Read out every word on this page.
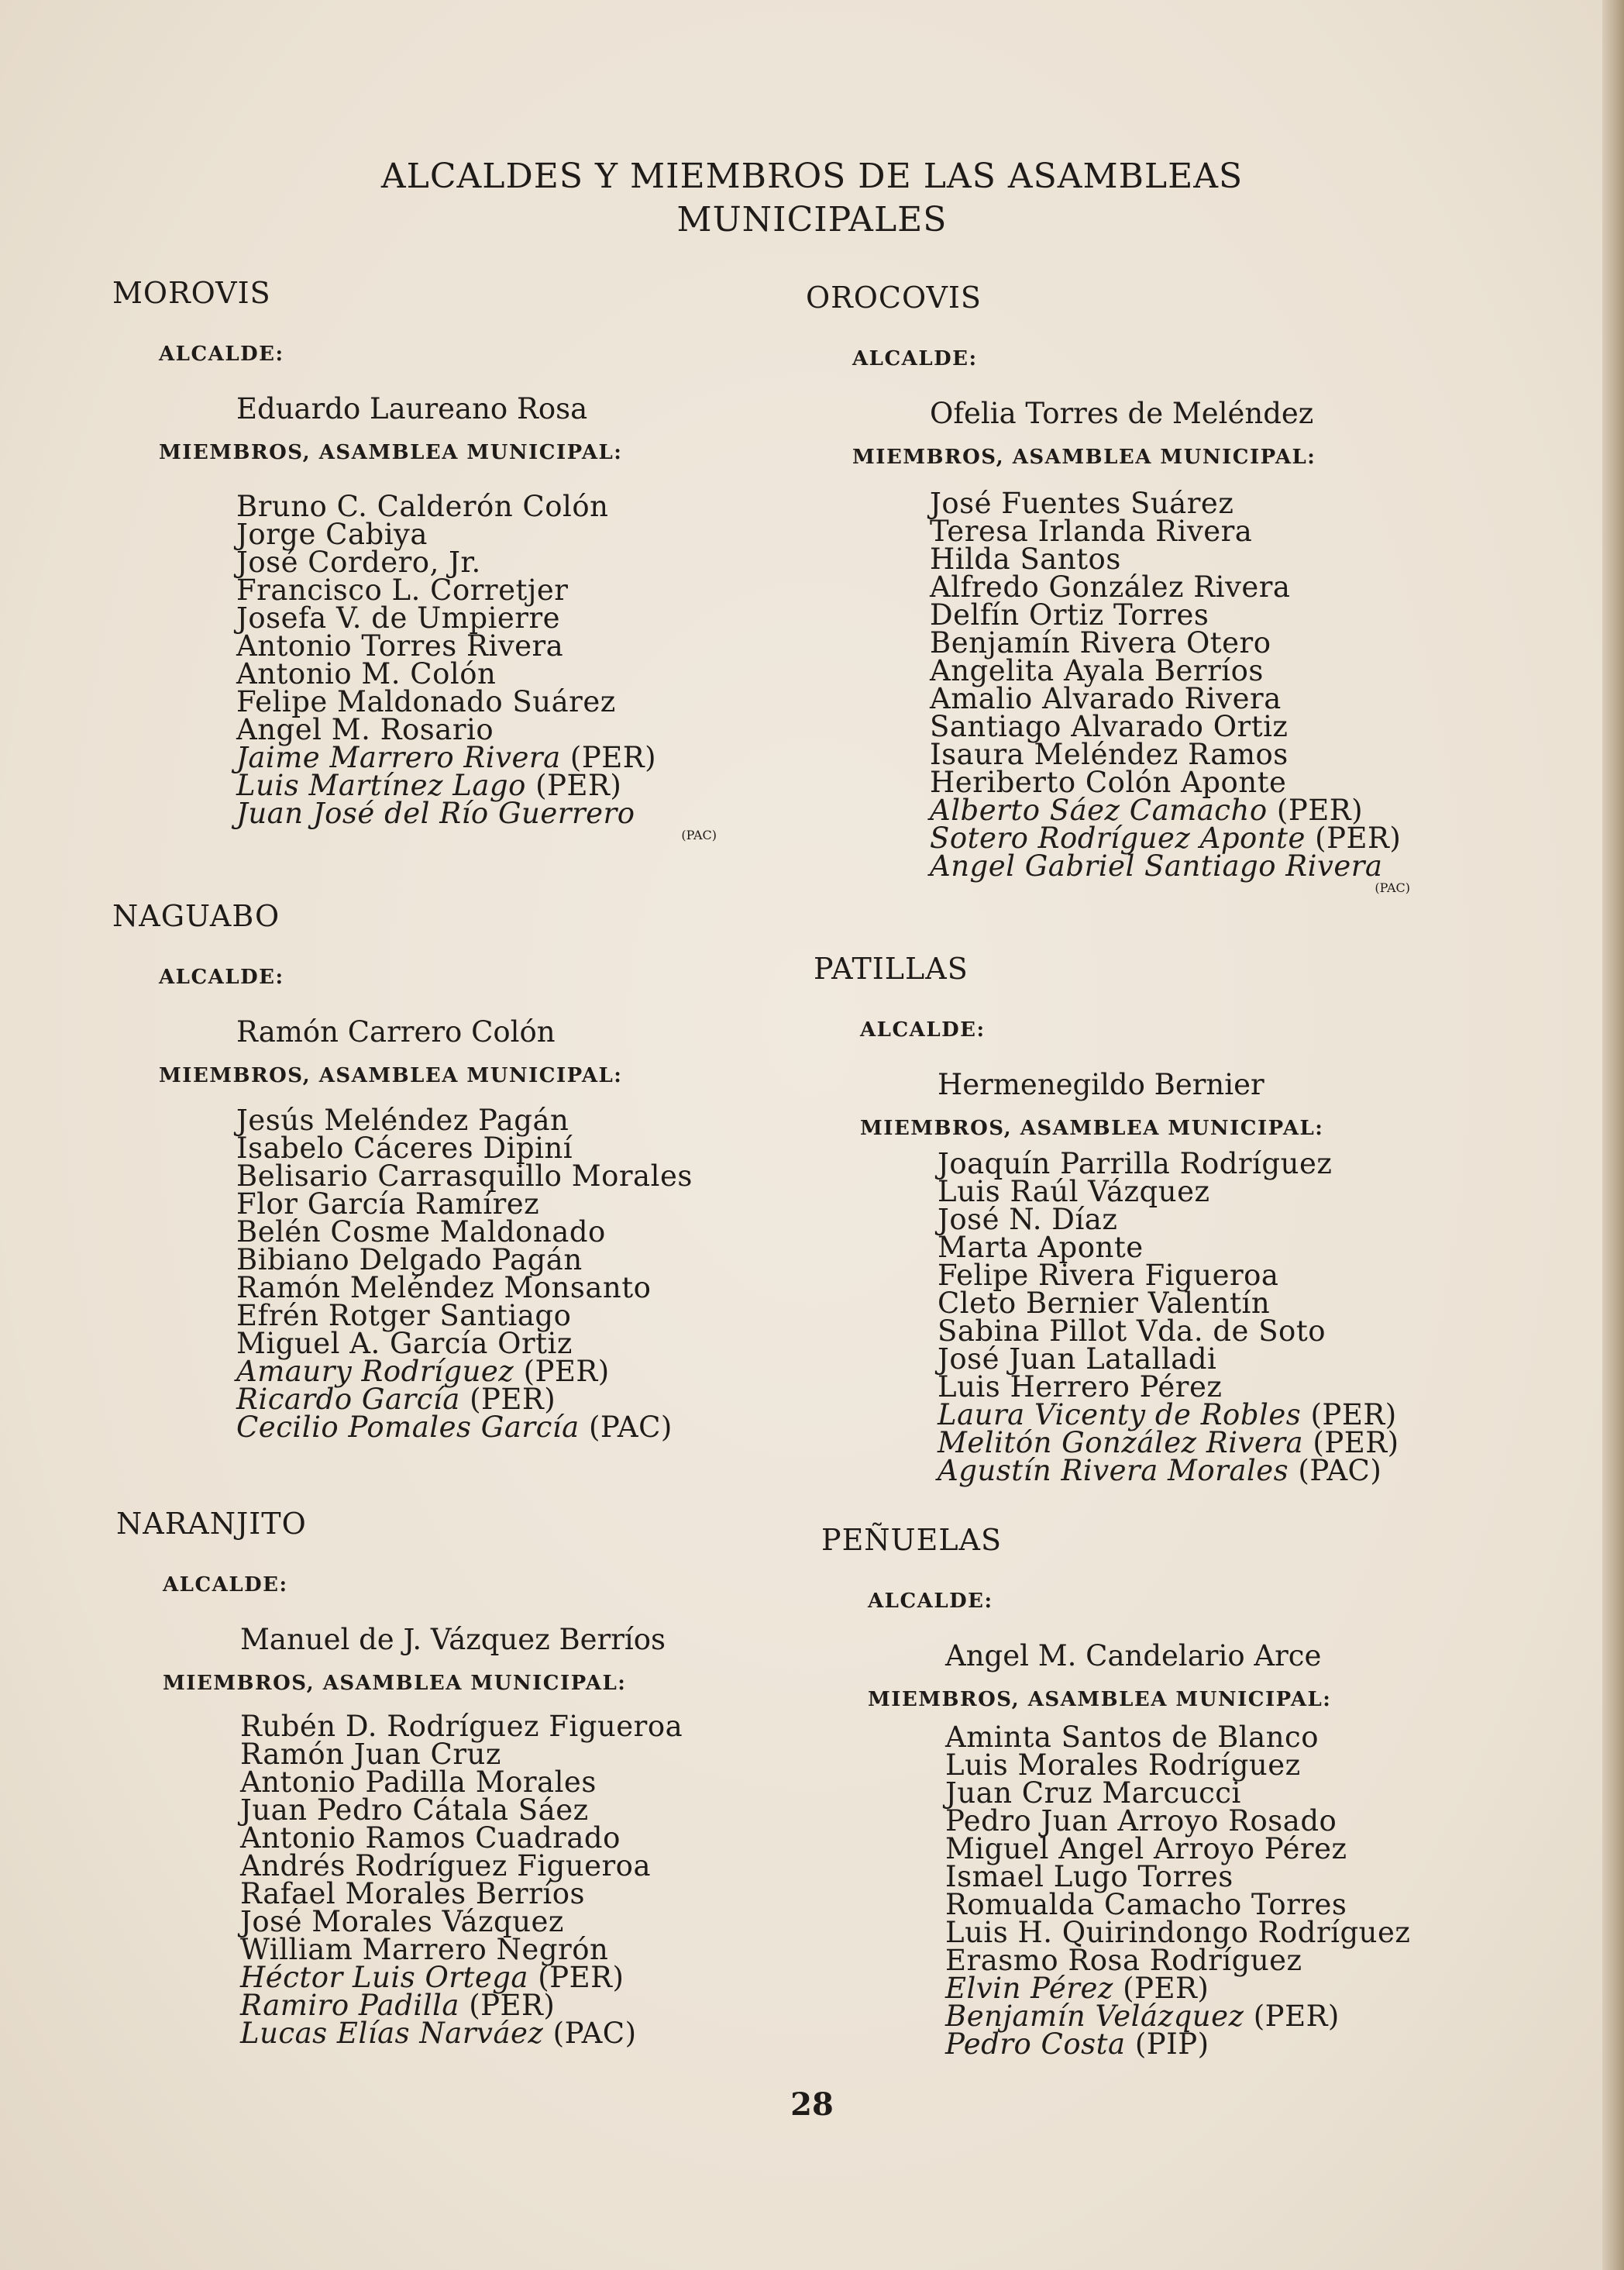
ALCALDES Y MIEMBROS DE LAS ASAMBLEAS
MUNICIPALES
MOROVIS
ALCALDE:
Eduardo Laureano Rosa
MIEMBROS, ASAMBLEA MUNICIPAL:
Bruno C. Calderón Colón
Jorge Cabiya
José Cordero, Jr.
Francisco L. Corretjer
Josefa V. de Umpierre
Antonio Torres Rivera
Antonio M. Colón
Felipe Maldonado Suárez
Angel M. Rosario
Jaime Marrero Rivera (PER)
Luis Martínez Lago (PER)
Juan José del Río Guerrero
(PAC)
NAGUABO
ALCALDE:
Ramón Carrero Colón
MIEMBROS, ASAMBLEA MUNICIPAL:
Jesús Meléndez Pagán
Isabelo Cáceres Dipiní
Belisario Carrasquillo Morales
Flor García Ramírez
Belén Cosme Maldonado
Bibiano Delgado Pagán
Ramón Meléndez Monsanto
Efrén Rotger Santiago
Miguel A. García Ortiz
Amaury Rodríguez (PER)
Ricardo García (PER)
Cecilio Pomales García (PAC)
NARANJITO
ALCALDE:
Manuel de J. Vázquez Berríos
MIEMBROS, ASAMBLEA MUNICIPAL:
Rubén D. Rodríguez Figueroa
Ramón Juan Cruz
Antonio Padilla Morales
Juan Pedro Cátala Sáez
Antonio Ramos Cuadrado
Andrés Rodríguez Figueroa
Rafael Morales Berríos
José Morales Vázquez
William Marrero Negrón
Héctor Luis Ortega (PER)
Ramiro Padilla (PER)
Lucas Elías Narváez (PAC)
OROCOVIS
ALCALDE:
Ofelia Torres de Meléndez
MIEMBROS, ASAMBLEA MUNICIPAL:
José Fuentes Suárez
Teresa Irlanda Rivera
Hilda Santos
Alfredo González Rivera
Delfín Ortiz Torres
Benjamín Rivera Otero
Angelita Ayala Berríos
Amalio Alvarado Rivera
Santiago Alvarado Ortiz
Isaura Meléndez Ramos
Heriberto Colón Aponte
Alberto Sáez Camacho (PER)
Sotero Rodríguez Aponte (PER)
Angel Gabriel Santiago Rivera
(PAC)
PATILLAS
ALCALDE:
Hermenegildo Bernier
MIEMBROS, ASAMBLEA MUNICIPAL:
Joaquín Parrilla Rodríguez
Luis Raúl Vázquez
José N. Díaz
Marta Aponte
Felipe Rivera Figueroa
Cleto Bernier Valentín
Sabina Pillot Vda. de Soto
José Juan Latalladi
Luis Herrero Pérez
Laura Vicenty de Robles (PER)
Melitón González Rivera (PER)
Agustín Rivera Morales (PAC)
PEÑUELAS
ALCALDE:
Angel M. Candelario Arce
MIEMBROS, ASAMBLEA MUNICIPAL:
Aminta Santos de Blanco
Luis Morales Rodríguez
Juan Cruz Marcucci
Pedro Juan Arroyo Rosado
Miguel Angel Arroyo Pérez
Ismael Lugo Torres
Romualda Camacho Torres
Luis H. Quirindongo Rodríguez
Erasmo Rosa Rodríguez
Elvin Pérez (PER)
Benjamín Velázquez (PER)
Pedro Costa (PIP)
28
